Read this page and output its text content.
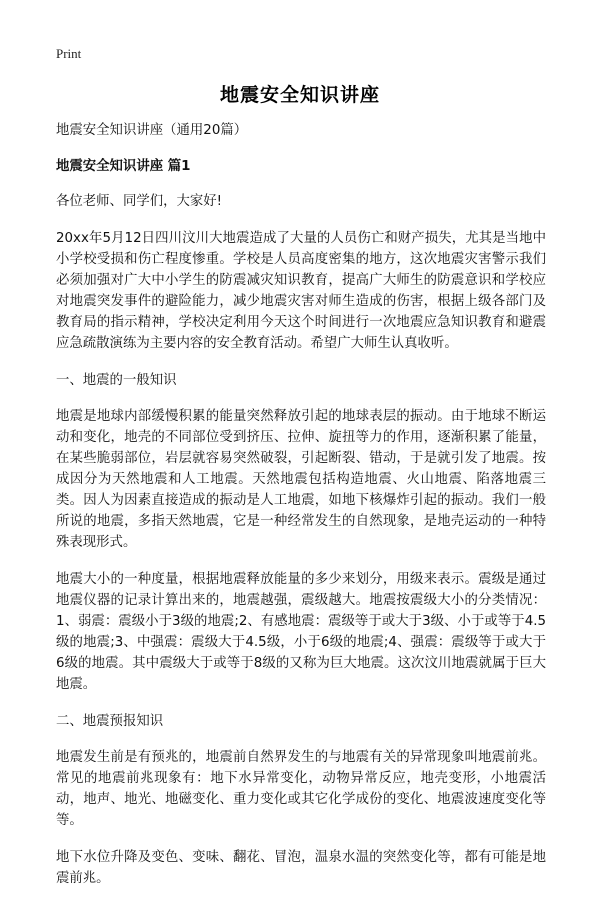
Print
地震安全知识讲座

地震安全知识讲座（通用20篇）

地震安全知识讲座 篇1

各位老师、同学们，大家好!

20xx年5月12日四川汶川大地震造成了大量的人员伤亡和财产损失，尤其是当地中小学校受损和伤亡程度惨重。学校是人员高度密集的地方，这次地震灾害警示我们必须加强对广大中小学生的防震减灾知识教育，提高广大师生的防震意识和学校应对地震突发事件的避险能力，减少地震灾害对师生造成的伤害，根据上级各部门及教育局的指示精神，学校决定利用今天这个时间进行一次地震应急知识教育和避震应急疏散演练为主要内容的安全教育活动。希望广大师生认真收听。

一、地震的一般知识

地震是地球内部缓慢积累的能量突然释放引起的地球表层的振动。由于地球不断运动和变化，地壳的不同部位受到挤压、拉伸、旋扭等力的作用，逐渐积累了能量，在某些脆弱部位，岩层就容易突然破裂，引起断裂、错动，于是就引发了地震。按成因分为天然地震和人工地震。天然地震包括构造地震、火山地震、陷落地震三类。因人为因素直接造成的振动是人工地震，如地下核爆炸引起的振动。我们一般所说的地震，多指天然地震，它是一种经常发生的自然现象，是地壳运动的一种特殊表现形式。

地震大小的一种度量，根据地震释放能量的多少来划分，用级来表示。震级是通过地震仪器的记录计算出来的，地震越强，震级越大。地震按震级大小的分类情况：1、弱震：震级小于3级的地震;2、有感地震：震级等于或大于3级、小于或等于4.5级的地震;3、中强震：震级大于4.5级，小于6级的地震;4、强震：震级等于或大于6级的地震。其中震级大于或等于8级的又称为巨大地震。这次汶川地震就属于巨大地震。

二、地震预报知识

地震发生前是有预兆的，地震前自然界发生的与地震有关的异常现象叫地震前兆。常见的地震前兆现象有：地下水异常变化，动物异常反应，地壳变形，小地震活动，地声、地光、地磁变化、重力变化或其它化学成份的变化、地震波速度变化等等。

地下水位升降及变色、变味、翻花、冒泡，温泉水温的突然变化等，都有可能是地震前兆。
